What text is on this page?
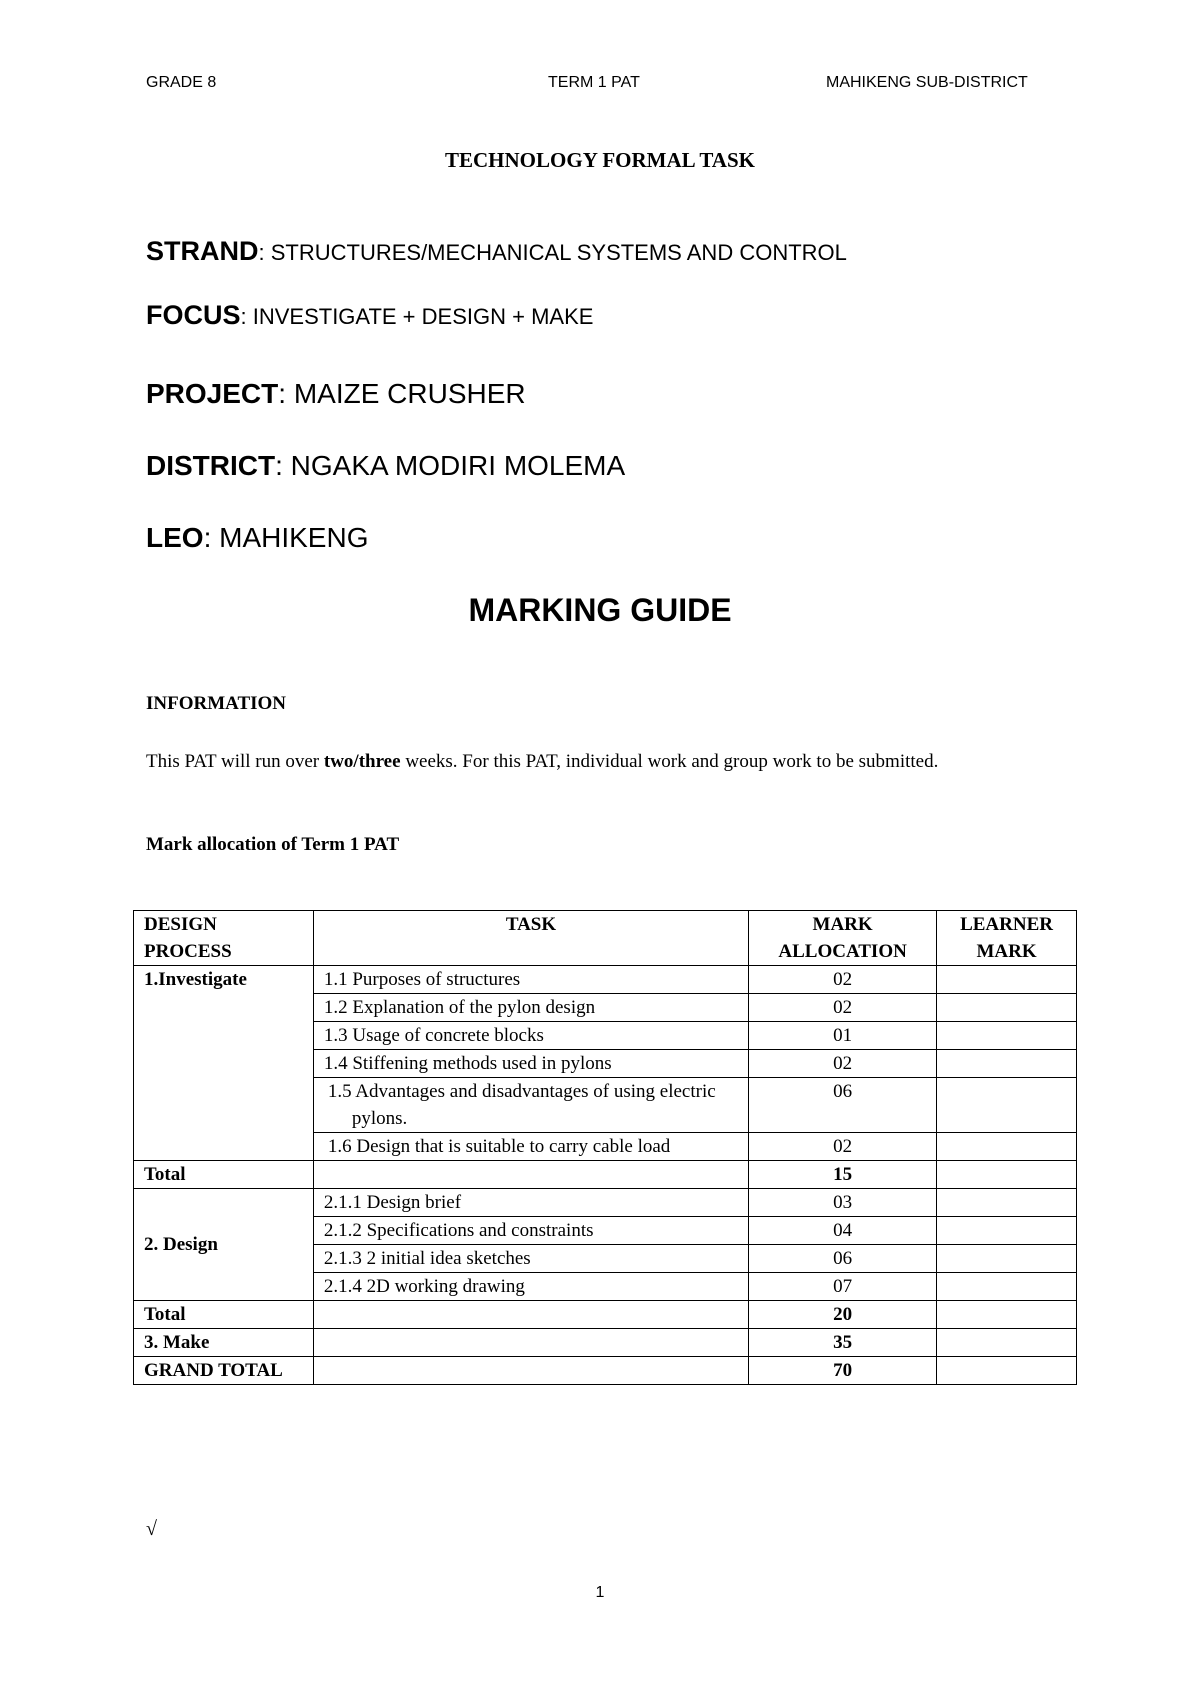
GRADE 8	TERM 1 PAT	MAHIKENG SUB-DISTRICT
TECHNOLOGY FORMAL TASK
STRAND: STRUCTURES/MECHANICAL SYSTEMS AND CONTROL
FOCUS: INVESTIGATE + DESIGN + MAKE
PROJECT: MAIZE CRUSHER
DISTRICT: NGAKA MODIRI MOLEMA
LEO: MAHIKENG
MARKING GUIDE
INFORMATION
This PAT will run over two/three weeks. For this PAT, individual work and group work to be submitted.
Mark allocation of Term 1 PAT
DESIGN PROCESS	TASK	MARK ALLOCATION	LEARNER MARK
1.Investigate	1.1 Purposes of structures	02	
	1.2 Explanation of the pylon design	02	
	1.3 Usage of concrete blocks	01	
	1.4 Stiffening methods used in pylons	02	
	1.5 Advantages and disadvantages of using electric pylons.	06	
	1.6 Design that is suitable to carry cable load	02	
Total		15	
2. Design	2.1.1 Design brief	03	
	2.1.2 Specifications and constraints	04	
	2.1.3 2 initial idea sketches	06	
	2.1.4 2D working drawing	07	
Total		20	
3. Make		35	
GRAND TOTAL		70	
√
1
